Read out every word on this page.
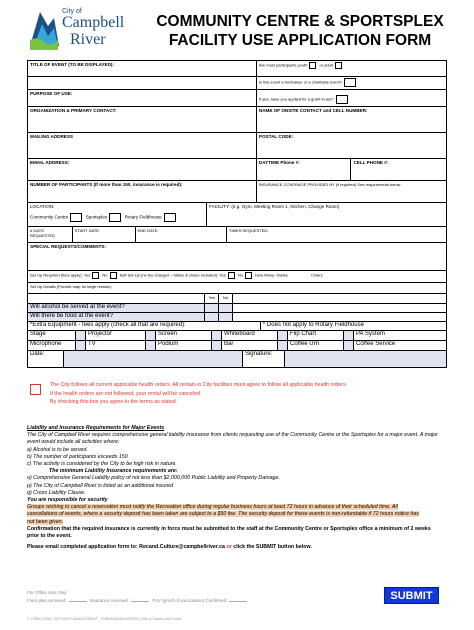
City of
Campbell
River
COMMUNITY CENTRE & SPORTSPLEX
FACILITY USE APPLICATION FORM
TITLE OF EVENT (TO BE DISPLAYED):	Are most participants youth	or adult
Is this event a fundraiser or a charitable event?
PURPOSE OF USE:
If yes, have you applied for a grant-in-aid?
ORGANIZATION & PRIMARY CONTACT:	NAME OF ONSITE CONTACT and CELL NUMBER:
MAILING ADDRESS	POSTAL CODE:
EMAIL ADDRESS:	DAYTIME Phone #:	CELL PHONE #:
NUMBER OF PARTICIPANTS (If more than 150, insurance is required):	INSURANCE COVERAGE PROVIDED BY (if required) See requirements below
LOCATION:
Community Centre	Sportsplex	Rotary Fieldhouse
FACILITY: (e.g. Gym, Meeting Room 1, Kitchen, Change Room)
# DAYS REQUESTED
START DATE:	END DATE:	TIMES REQUESTED:
SPECIAL REQUESTS/COMMENTS:
Set Up Required (fees apply): Yes	No	Self Set Up (no fee charged – tables & chairs included): Yes	No	How Many- Tables	Chairs
Set Up Details (Provide map for large rentals):
Yes	No
Will alcohol be served at the event?
Will there be food at the event?
*Extra Equipment - fees apply (check all that are required):	* Does not apply to Rotary Fieldhouse
Stage	Projector	Screen	Whiteboard	Flip Chart	PA System
Microphone	TV	Podium	Bar	Coffee Urn	Coffee Service
Date:	Signature:
The City follows all current applicable health orders. All rentals in City facilities must agree to follow all applicable health orders.
If the health orders are not followed, your rental will be canceled.
By checking this box you agree to the terms as stated.
Liability and Insurance Requirements for Major Events
The City of Campbell River requires comprehensive general liability insurance from clients requesting use of the Community Centre or the Sportsplex for a major event. A major event would include all activities where:
a) Alcohol is to be served.
b) The number of participants exceeds 150
c) The activity is considered by the City to be high risk in nature.
The minimum Liability Insurance requirements are:
o) Comprehensive General Liability policy of not less than $2,000,000 Public Liability and Property Damage.
p) The City of Campbell River is listed as an additional insured
q) Cross Liability Clause.
You are responsible for security
Groups wishing to cancel a reservation must notify the Recreation office during regular business hours at least 72 hours in advance of their scheduled time. All cancellations of events, where a security deposit has been taken are subject to a $50 fee. The security deposit for these events is non-refundable if 72 hours notice has not been given.
Confirmation that the required insurance is currently in force must be submitted to the staff at the Community Centre or Sportsplex office a minimum of 2 weeks prior to the event.
Please email completed application form to: Recand.Culture@campbellriver.ca or click the SUBMIT button below.
For Office Use Only:
Floor plan received:	Insurance received:	PoV (proof of vaccination) Confirmed:
© V:RMCC2/68 - RECORDS MANAGEMENT - FORMS MANAGEMENT (268-4) Facility Use Forms
SUBMIT
